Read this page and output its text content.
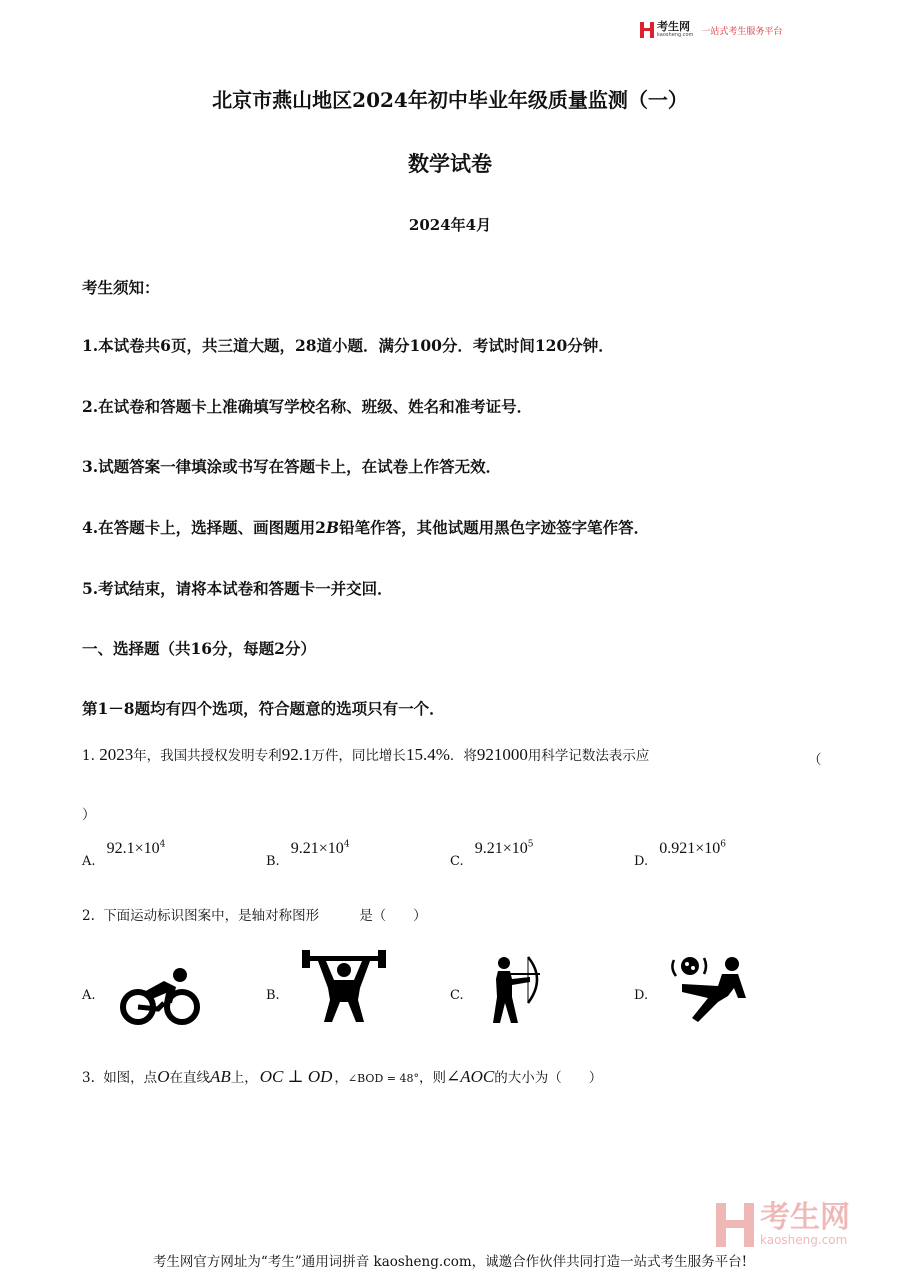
考生网
kaosheng.com 一站式考生服务平台
北京市燕山地区2024年初中毕业年级质量监测（一）
数学试卷
2024年4月
考生须知：
1.本试卷共6页，共三道大题，28道小题．满分100分．考试时间120分钟．
2.在试卷和答题卡上准确填写学校名称、班级、姓名和准考证号．
3.试题答案一律填涂或书写在答题卡上，在试卷上作答无效．
4.在答题卡上，选择题、画图题用2B铅笔作答，其他试题用黑色字迹签字笔作答．
5.考试结束，请将本试卷和答题卡一并交回．
一、选择题（共16分，每题2分）
第1－8题均有四个选项，符合题意的选项只有一个．
1. 2023年，我国共授权发明专利92.1万件，同比增长15.4%．将921000用科学记数法表示应	（
）
$_{A.}$ $92.1\times 10^4$
$_{B.}$ $9.21\times 10^4$
$_{C.}$ $9.21\times 10^5$
$_{D.}$ $0.921\times 10^6$
2. 下面运动标识图案中，是轴对称图形	是（　　）
A.	B.	C.	D.
3. 如图，点O在直线AB上， OC ⊥ OD ，∠BOD = 48°，则∠AOC的大小为（　　）
考生网
kaosheng.com
考生网官方网址为“考生”通用词拼音 kaosheng.com，诚邀合作伙伴共同打造一站式考生服务平台!
